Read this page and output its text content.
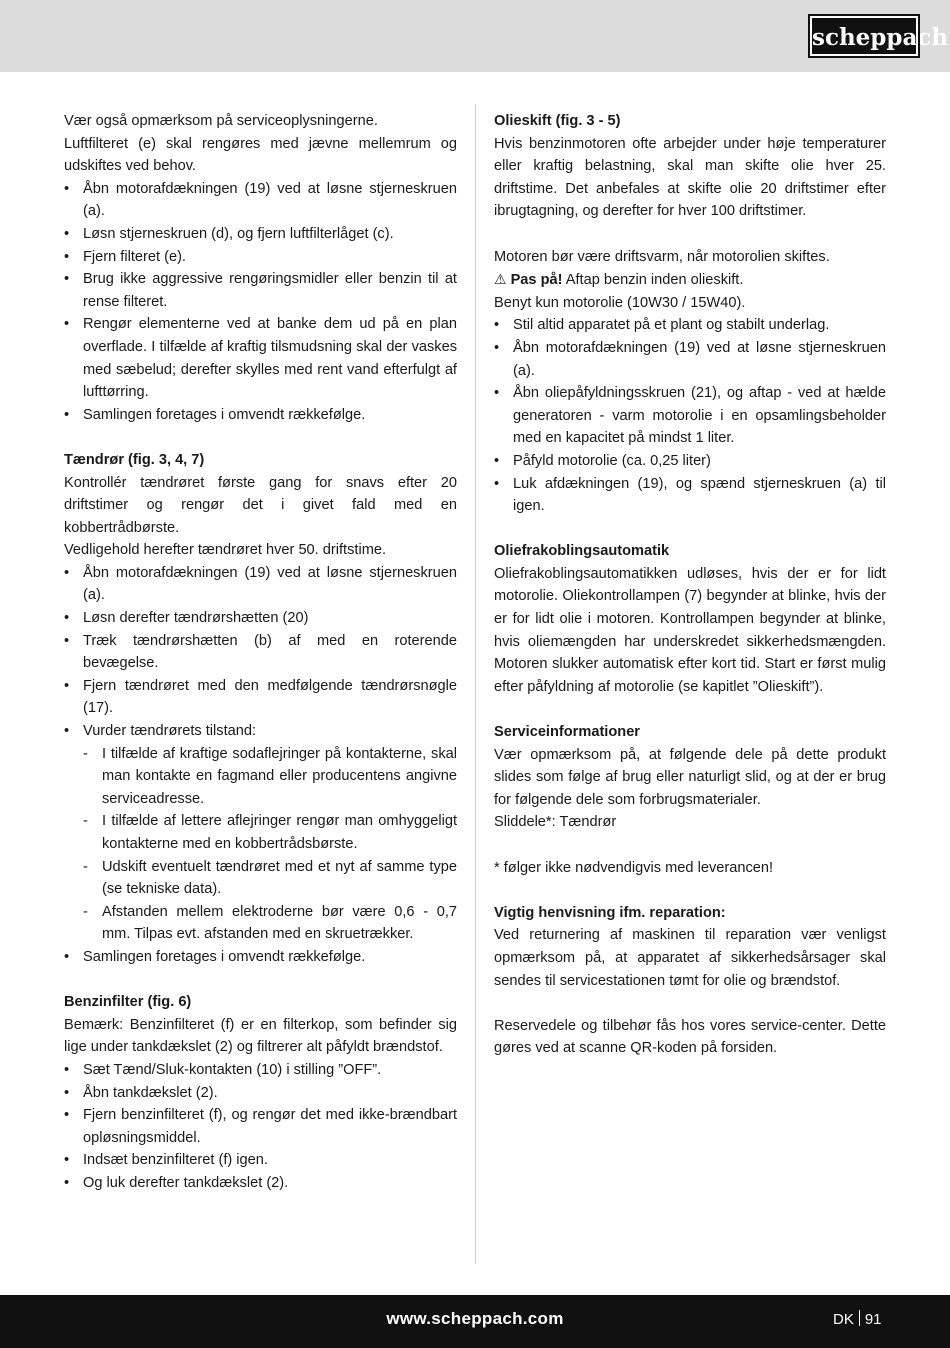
scheppach

Vær også opmærksom på serviceoplysningerne.

Luftfilteret (e) skal rengøres med jævne mellemrum og udskiftes ved behov.

• Åbn motorafdækningen (19) ved at løsne stjerneskruen (a).
• Løsn stjerneskruen (d), og fjern luftfilterlåget (c).
• Fjern filteret (e).
• Brug ikke aggressive rengøringsmidler eller benzin til at rense filteret.
• Rengør elementerne ved at banke dem ud på en plan overflade. I tilfælde af kraftig tilsmudsning skal der vaskes med sæbelud; derefter skylles med rent vand efterfulgt af lufttørring.
• Samlingen foretages i omvendt rækkefølge.

Tændrør (fig. 3, 4, 7)

Kontrollér tændrøret første gang for snavs efter 20 driftstimer og rengør det i givet fald med en kobbertrådbørste.

Vedligehold herefter tændrøret hver 50. driftstime.

• Åbn motorafdækningen (19) ved at løsne stjerneskruen (a).
• Løsn derefter tændrørshætten (20)
• Træk tændrørshætten (b) af med en roterende bevægelse.
• Fjern tændrøret med den medfølgende tændrørsnøgle (17).
• Vurder tændrørets tilstand:
- I tilfælde af kraftige sodaflejringer på kontakterne, skal man kontakte en fagmand eller producentens angivne serviceadresse.
- I tilfælde af lettere aflejringer rengør man omhyggeligt kontakterne med en kobbertrådsbørste.
- Udskift eventuelt tændrøret med et nyt af samme type (se tekniske data).
- Afstanden mellem elektroderne bør være 0,6 - 0,7 mm. Tilpas evt. afstanden med en skruetrækker.
• Samlingen foretages i omvendt rækkefølge.

Benzinfilter (fig. 6)

Bemærk: Benzinfilteret (f) er en filterkop, som befinder sig lige under tankdækslet (2) og filtrerer alt påfyldt brændstof.

• Sæt Tænd/Sluk-kontakten (10) i stilling ”OFF”.
• Åbn tankdækslet (2).
• Fjern benzinfilteret (f), og rengør det med ikke-brændbart opløsningsmiddel.
• Indsæt benzinfilteret (f) igen.
• Og luk derefter tankdækslet (2).

Olieskift (fig. 3 - 5)

Hvis benzinmotoren ofte arbejder under høje temperaturer eller kraftig belastning, skal man skifte olie hver 25. driftstime. Det anbefales at skifte olie 20 driftstimer efter ibrugtagning, og derefter for hver 100 driftstimer.

Motoren bør være driftsvarm, når motorolien skiftes.

⚠ Pas på! Aftap benzin inden olieskift.

Benyt kun motorolie (10W30 / 15W40).

• Stil altid apparatet på et plant og stabilt underlag.
• Åbn motorafdækningen (19) ved at løsne stjerneskruen (a).
• Åbn oliepåfyldningsskruen (21), og aftap - ved at hælde generatoren - varm motorolie i en opsamlingsbeholder med en kapacitet på mindst 1 liter.
• Påfyld motorolie (ca. 0,25 liter)
• Luk afdækningen (19), og spænd stjerneskruen (a) til igen.

Oliefrakoblingsautomatik

Oliefrakoblingsautomatikken udløses, hvis der er for lidt motorolie. Oliekontrollampen (7) begynder at blinke, hvis der er for lidt olie i motoren. Kontrollampen begynder at blinke, hvis oliemængden har underskredet sikkerhedsmængden. Motoren slukker automatisk efter kort tid. Start er først mulig efter påfyldning af motorolie (se kapitlet ”Olieskift”).

Serviceinformationer

Vær opmærksom på, at følgende dele på dette produkt slides som følge af brug eller naturligt slid, og at der er brug for følgende dele som forbrugsmaterialer.

Sliddele*: Tændrør

* følger ikke nødvendigvis med leverancen!

Vigtig henvisning ifm. reparation:

Ved returnering af maskinen til reparation vær venligst opmærksom på, at apparatet af sikkerhedsårsager skal sendes til servicestationen tømt for olie og brændstof.

Reservedele og tilbehør fås hos vores service-center. Dette gøres ved at scanne QR-koden på forsiden.

www.scheppach.com	DK 91
